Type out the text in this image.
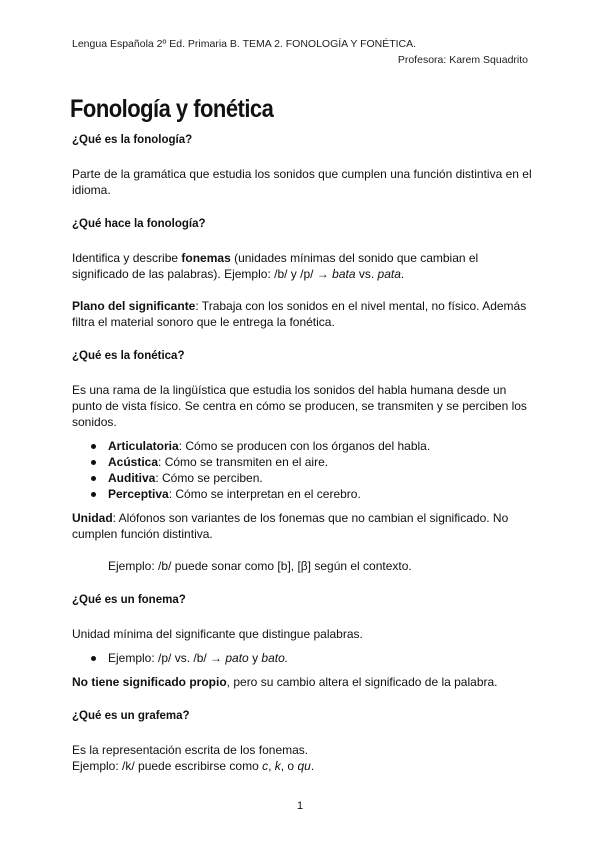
Lengua Española 2º Ed. Primaria B. TEMA 2. FONOLOGÍA Y FONÉTICA.
Profesora: Karem Squadrito
Fonología y fonética
¿Qué es la fonología?

Parte de la gramática que estudia los sonidos que cumplen una función distintiva en el idioma.

¿Qué hace la fonología?

Identifica y describe fonemas (unidades mínimas del sonido que cambian el significado de las palabras). Ejemplo: /b/ y /p/ → bata vs. pata.

Plano del significante: Trabaja con los sonidos en el nivel mental, no físico. Además filtra el material sonoro que le entrega la fonética.

¿Qué es la fonética?

Es una rama de la lingüística que estudia los sonidos del habla humana desde un punto de vista físico. Se centra en cómo se producen, se transmiten y se perciben los sonidos.

Articulatoria: Cómo se producen con los órganos del habla.
Acústica: Cómo se transmiten en el aire.
Auditiva: Cómo se perciben.
Perceptiva: Cómo se interpretan en el cerebro.

Unidad: Alófonos son variantes de los fonemas que no cambian el significado. No cumplen función distintiva.

Ejemplo: /b/ puede sonar como [b], [β] según el contexto.

¿Qué es un fonema?

Unidad mínima del significante que distingue palabras.

Ejemplo: /p/ vs. /b/ → pato y bato.

No tiene significado propio, pero su cambio altera el significado de la palabra.

¿Qué es un grafema?

Es la representación escrita de los fonemas.

Ejemplo: /k/ puede escribirse como c, k, o qu.

1
